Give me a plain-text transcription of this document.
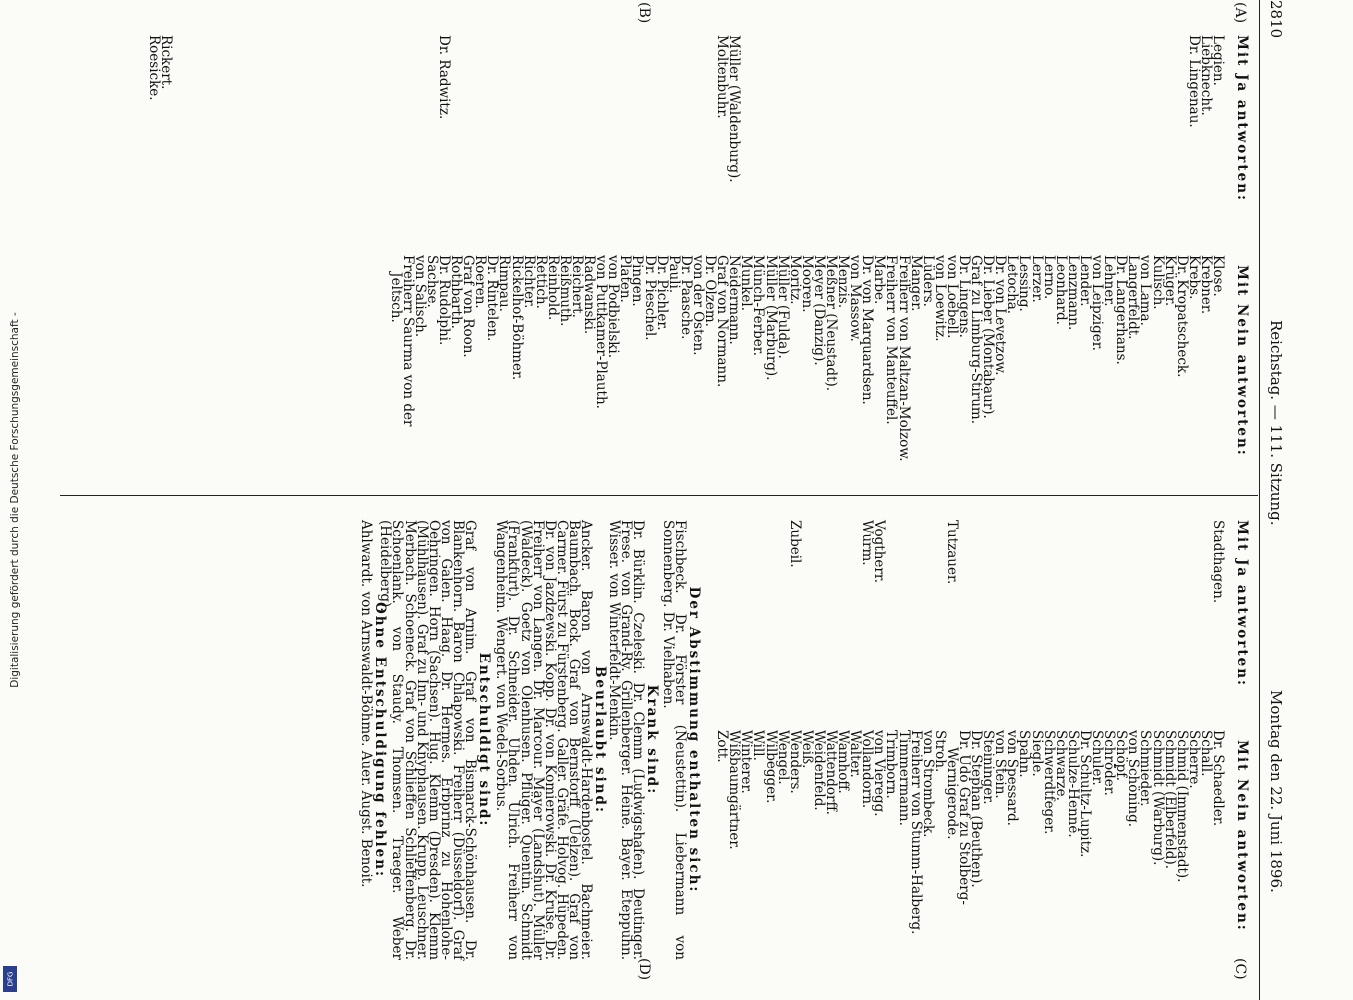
2810
Reichstag. — 111. Sitzung.
Montag den 22. Juni 1896.
(A)
(B)
(C)
(D)
Mit Ja antworten:
Legien.
Liebknecht.
Dr. Lingenau.

Müller (Waldenburg).
Moltenbuhr.

Dr. Radwitz.

Rickert.
Roesicke.

Mit Nein antworten:
Klose.
Krebner.
Krebs.
Dr. Kropatscheck.
Krüger.
Kulisch.
von Lama.
Langerfeldt.
Dr. Langerhans.
Lehner.
von Leipziger.
Lender.
Lenzmann.
Leonhard.
Lerno.
Lerzer.
Lessing.
Letocha.
Dr. von Levetzow.
Dr. Lieber (Montabaur).
Graf zu Limburg-Stirum.
Dr. Lingens.
von Loebell.
von Loewitz.
Lüders.
Manger.
Freiherr von Maltzan-Molzow.
Freiherr von Manteuffel.
Marbe.
Dr. von Marquardsen.
von Massow.
Menzis.
Meßner (Neustadt).
Meyer (Danzig).
Mooren.
Moritz.
Müller (Fulda).
Müller (Marburg).
Münch-Ferber.
Munkel.
Neidermann.
Graf von Normann.
Dr. Olzem.
von der Osten.
Dr. Paasche.
Pauli.
Dr. Pichler.
Dr. Pieschel.
Pingen.
Platen.
von Podbielski.
von Puttkamer-Plauth.
Radwanski.
Reichert.
Reißmuth.
Reinhold.
Rettich.
Richter.
Rickelhof-Böhmer.
Rimpau.
Dr. Rintelen.
Roeren.
Graf von Roon.
Rothbarth.
Dr. Rudolphi.
Sachse.
von Salisch.
Freiherr Saurma von der
Jeltsch.
Mit Ja antworten:
Stadthagen.

Tutzauer.

Vogtherr.
Wurm.

Zubeil.
Mit Nein antworten:
Dr. Schaedler.
Schall.
Scherre.
Schmid (Immenstadt).
Schmidt (Elberfeld).
Schmidt (Warburg).
Schmieder.
von Schöning.
Schöpf.
Schröder.
Schuler.
Dr. Schultz-Lupitz.
Schulze-Henne.
Schwarze.
Schwerdtfeger.
Siegle.
Spahn.
von Spessard.
von Stein.
Steininger.
Dr. Stephan (Beuthen).
Dr. Udo Graf zu Stolberg-
Wernigerode.
Stroh.
von Strombeck.
Freiherr von Stumm-Halberg.
Timmermann.
Trimborn.
von Vieregg.
Vollandorn.
Walter.
Wamhoff.
Wattendorff.
Weidenfeld.
Weiß.
Wenders.
Wengel.
Wilbegger.
Will.
Winterer.
Wißbaumgärtner.
Zott.
Der Abstimmung enthalten sich:
Fischbeck. Dr. Förster (Neustettin). Liebermann von Sonnenberg. Dr. Vielhaben.
Krank sind:
Dr. Bürklin. Czeleski. Dr. Clemm (Ludwigshafen). Deutinger. Frese. von Grand-Ry. Grillenberger. Heine. Bayer. Eteppuhn. Wisser. von Winterfeldt-Menkin.
Beurlaubt sind:
Ancker. Baron von Arnswaldt-Hardenbostel. Bachmeier. Baumbach. Bock. Graf von Bernstorff (Uelzen). Graf von Carmer. Fürst zu Fürstenberg. Galler. Gräfe. Holvog. Hüpeden. Dr. von Jazdzewski. Kopp. Dr. von Komierowski. Dr. Kruse. Dr. Freiherr von Langen. Dr. Marcour. Mayer (Landshut). Müller (Waldeck). Goetz von Olenhusen. Pflüger. Quentin. Schmidt (Frankfurt). Dr. Schneider. Uhden. Ulrich. Freiherr von Wangenheim. Wengert. von Wedel-Sorbus.
Entschuldigt sind:
Graf von Arnim. Graf von Bismarck-Schönhausen. Dr. Blankenhorn. Baron Chlapowski. Freiherr (Düsseldorf). Graf von Galen. Haag. Dr. Hermes. Erbprinz zu Hohenlohe-Oehringen. Horn (Sachsen). Hug. Klemm (Dresden). Klemm (Mühlhausen). Graf zu Inn- und Knyphausen. Krupp. Leuschner. Merbach. Schoeneck. Graf von Schlieffen Schlieffenberg. Dr. Schoenlank. von Staudy. Thomsen. Traeger. Weber (Heidelberg).
Ohne Entschuldigung fehlen:
Ahlwardt. von Arnswaldt-Böhme. Auer. Augst. Benoit.
Digitalisierung gefördert durch die Deutsche Forschungsgemeinschaft -
DFG
